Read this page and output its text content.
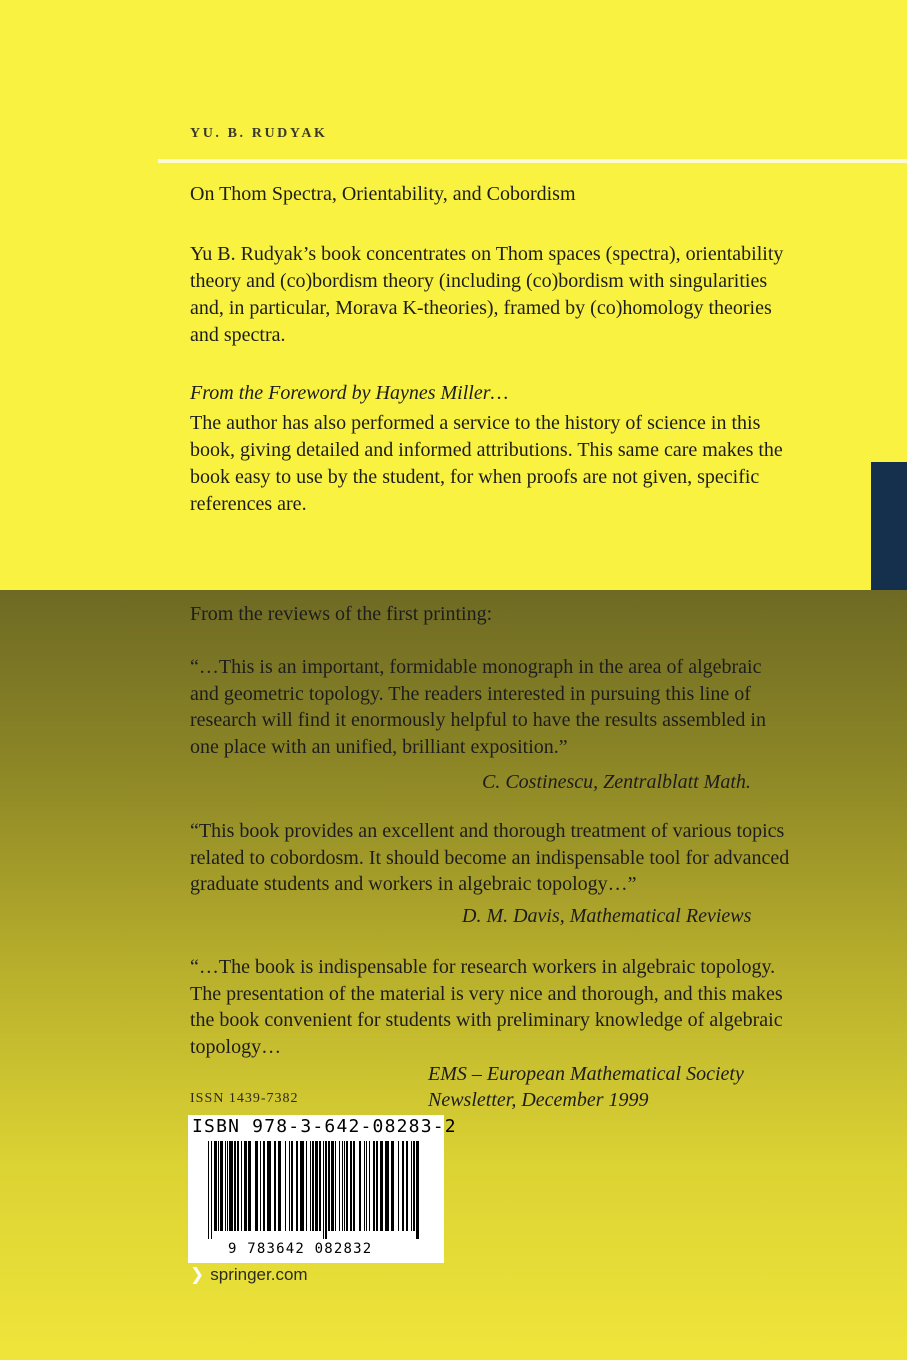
YU. B. RUDYAK
On Thom Spectra, Orientability, and Cobordism
Yu B. Rudyak’s book concentrates on Thom spaces (spectra), orientability theory and (co)bordism theory (including (co)bordism with singularities and, in particular, Morava K-theories), framed by (co)homology theories and spectra.
From the Foreword by Haynes Miller…
The author has also performed a service to the history of science in this book, giving detailed and informed attributions. This same care makes the book easy to use by the student, for when proofs are not given, specific references are.
From the reviews of the first printing:
“…This is an important, formidable monograph in the area of algebraic and geometric topology. The readers interested in pursuing this line of research will find it enormously helpful to have the results assembled in one place with an unified, brilliant exposition.”
C. Costinescu, Zentralblatt Math.
“This book provides an excellent and thorough treatment of various topics related to cobordosm. It should become an indispensable tool for advanced graduate students and workers in algebraic topology…”
D. M. Davis, Mathematical Reviews
“…The book is indispensable for research workers in algebraic topology. The presentation of the material is very nice and thorough, and this makes the book convenient for students with preliminary knowledge of algebraic topology…
EMS – European Mathematical Society
Newsletter, December 1999
ISSN 1439-7382
ISBN 978-3-642-08283-2
9 783642 082832
❯ springer.com
